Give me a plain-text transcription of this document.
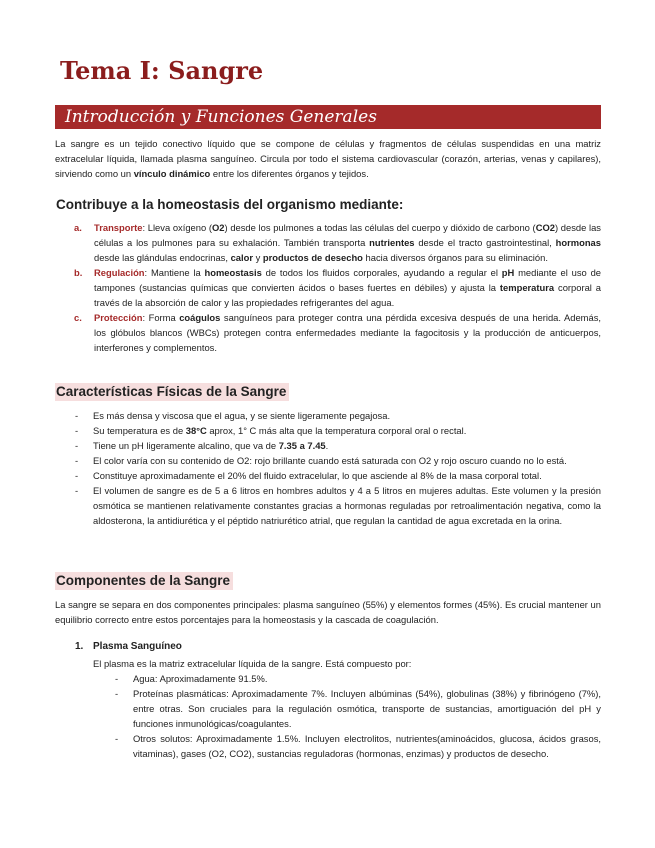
Tema I: Sangre
Introducción y Funciones Generales

La sangre es un tejido conectivo líquido que se compone de células y fragmentos de células suspendidas en una matriz extracelular líquida, llamada plasma sanguíneo. Circula por todo el sistema cardiovascular (corazón, arterias, venas y capilares), sirviendo como un vínculo dinámico entre los diferentes órganos y tejidos.

Contribuye a la homeostasis del organismo mediante:
a. Transporte: Lleva oxígeno (O2) desde los pulmones a todas las células del cuerpo y dióxido de carbono (CO2) desde las células a los pulmones para su exhalación. También transporta nutrientes desde el tracto gastrointestinal, hormonas desde las glándulas endocrinas, calor y productos de desecho hacia diversos órganos para su eliminación.
b. Regulación: Mantiene la homeostasis de todos los fluidos corporales, ayudando a regular el pH mediante el uso de tampones (sustancias químicas que convierten ácidos o bases fuertes en débiles) y ajusta la temperatura corporal a través de la absorción de calor y las propiedades refrigerantes del agua.
c. Protección: Forma coágulos sanguíneos para proteger contra una pérdida excesiva después de una herida. Además, los glóbulos blancos (WBCs) protegen contra enfermedades mediante la fagocitosis y la producción de anticuerpos, interferones y complementos.
Características Físicas de la Sangre
- Es más densa y viscosa que el agua, y se siente ligeramente pegajosa.
- Su temperatura es de 38°C aprox, 1° C más alta que la temperatura corporal oral o rectal.
- Tiene un pH ligeramente alcalino, que va de 7.35 a 7.45.
- El color varía con su contenido de O2: rojo brillante cuando está saturada con O2 y rojo oscuro cuando no lo está.
- Constituye aproximadamente el 20% del fluido extracelular, lo que asciende al 8% de la masa corporal total.
- El volumen de sangre es de 5 a 6 litros en hombres adultos y 4 a 5 litros en mujeres adultas. Este volumen y la presión osmótica se mantienen relativamente constantes gracias a hormonas reguladas por retroalimentación negativa, como la aldosterona, la antidiurética y el péptido natriurético atrial, que regulan la cantidad de agua excretada en la orina.
Componentes de la Sangre

La sangre se separa en dos componentes principales: plasma sanguíneo (55%) y elementos formes (45%). Es crucial mantener un equilibrio correcto entre estos porcentajes para la homeostasis y la cascada de coagulación.

1. Plasma Sanguíneo
El plasma es la matriz extracelular líquida de la sangre. Está compuesto por:
- Agua: Aproximadamente 91.5%.
- Proteínas plasmáticas: Aproximadamente 7%. Incluyen albúminas (54%), globulinas (38%) y fibrinógeno (7%), entre otras. Son cruciales para la regulación osmótica, transporte de sustancias, amortiguación del pH y funciones inmunológicas/coagulantes.
- Otros solutos: Aproximadamente 1.5%. Incluyen electrolitos, nutrientes(aminoácidos, glucosa, ácidos grasos, vitaminas), gases (O2, CO2), sustancias reguladoras (hormonas, enzimas) y productos de desecho.
